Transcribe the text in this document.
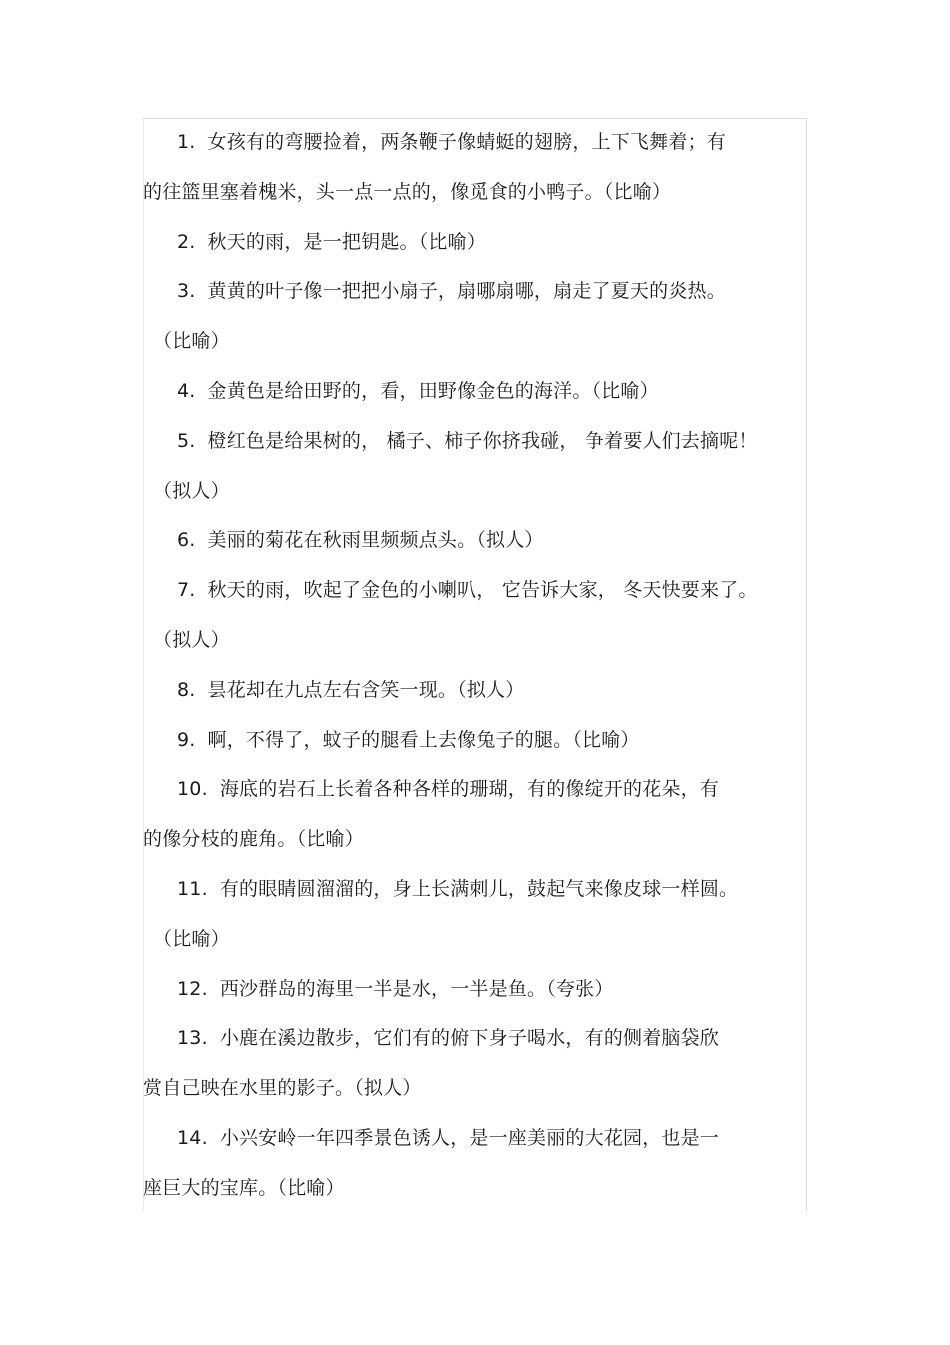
1. 女孩有的弯腰捡着，两条鞭子像蜻蜓的翅膀，上下飞舞着；有
的往篮里塞着槐米，头一点一点的，像觅食的小鸭子。（比喻）
2. 秋天的雨，是一把钥匙。（比喻）
3. 黄黄的叶子像一把把小扇子，扇哪扇哪，扇走了夏天的炎热。
（比喻）
4. 金黄色是给田野的，看，田野像金色的海洋。（比喻）
5. 橙红色是给果树的， 橘子、柿子你挤我碰， 争着要人们去摘呢！
（拟人）
6. 美丽的菊花在秋雨里频频点头。（拟人）
7. 秋天的雨，吹起了金色的小喇叭， 它告诉大家， 冬天快要来了。
（拟人）
8. 昙花却在九点左右含笑一现。（拟人）
9. 啊，不得了，蚊子的腿看上去像兔子的腿。（比喻）
10. 海底的岩石上长着各种各样的珊瑚，有的像绽开的花朵，有
的像分枝的鹿角。（比喻）
11. 有的眼睛圆溜溜的，身上长满刺儿，鼓起气来像皮球一样圆。
（比喻）
12. 西沙群岛的海里一半是水，一半是鱼。（夸张）
13. 小鹿在溪边散步，它们有的俯下身子喝水，有的侧着脑袋欣
赏自己映在水里的影子。（拟人）
14. 小兴安岭一年四季景色诱人，是一座美丽的大花园，也是一
座巨大的宝库。（比喻）
